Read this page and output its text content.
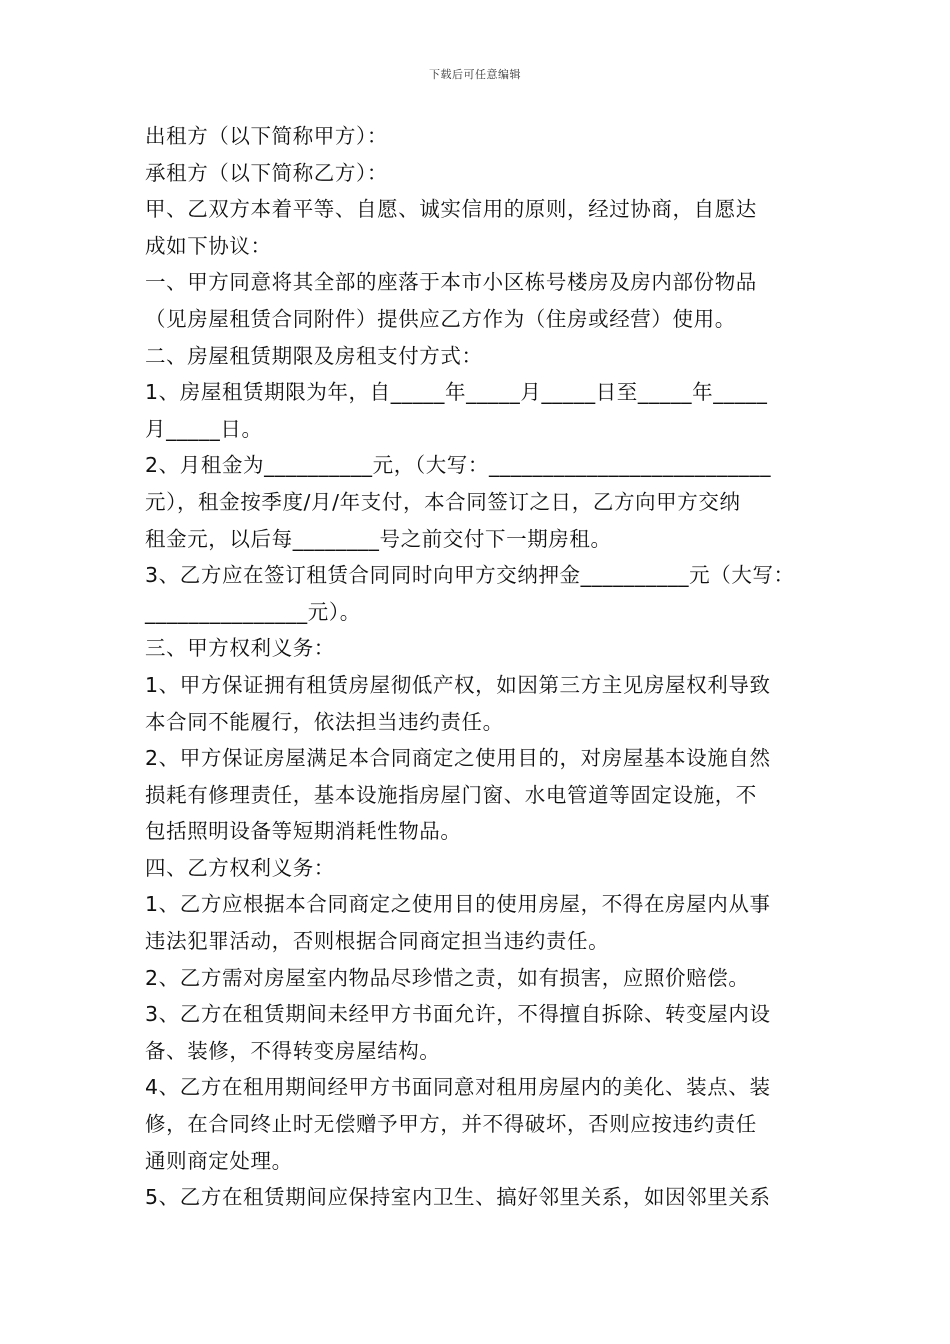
下载后可任意编辑
出租方（以下简称甲方）：
承租方（以下简称乙方）：
甲、乙双方本着平等、自愿、诚实信用的原则，经过协商，自愿达
成如下协议：
一、甲方同意将其全部的座落于本市小区栋号楼房及房内部份物品
（见房屋租赁合同附件）提供应乙方作为（住房或经营）使用。
二、房屋租赁期限及房租支付方式：
1、房屋租赁期限为年，自_____年_____月_____日至_____年_____
月_____日。
2、月租金为__________元，（大写：__________________________
元），租金按季度/月/年支付，本合同签订之日，乙方向甲方交纳
租金元，以后每________号之前交付下一期房租。
3、乙方应在签订租赁合同同时向甲方交纳押金__________元（大写：
_______________元）。
三、甲方权利义务：
1、甲方保证拥有租赁房屋彻低产权，如因第三方主见房屋权利导致
本合同不能履行，依法担当违约责任。
2、甲方保证房屋满足本合同商定之使用目的，对房屋基本设施自然
损耗有修理责任，基本设施指房屋门窗、水电管道等固定设施，不
包括照明设备等短期消耗性物品。
四、乙方权利义务：
1、乙方应根据本合同商定之使用目的使用房屋，不得在房屋内从事
违法犯罪活动，否则根据合同商定担当违约责任。
2、乙方需对房屋室内物品尽珍惜之责，如有损害，应照价赔偿。
3、乙方在租赁期间未经甲方书面允许，不得擅自拆除、转变屋内设
备、装修，不得转变房屋结构。
4、乙方在租用期间经甲方书面同意对租用房屋内的美化、装点、装
修，在合同终止时无偿赠予甲方，并不得破坏，否则应按违约责任
通则商定处理。
5、乙方在租赁期间应保持室内卫生、搞好邻里关系，如因邻里关系
